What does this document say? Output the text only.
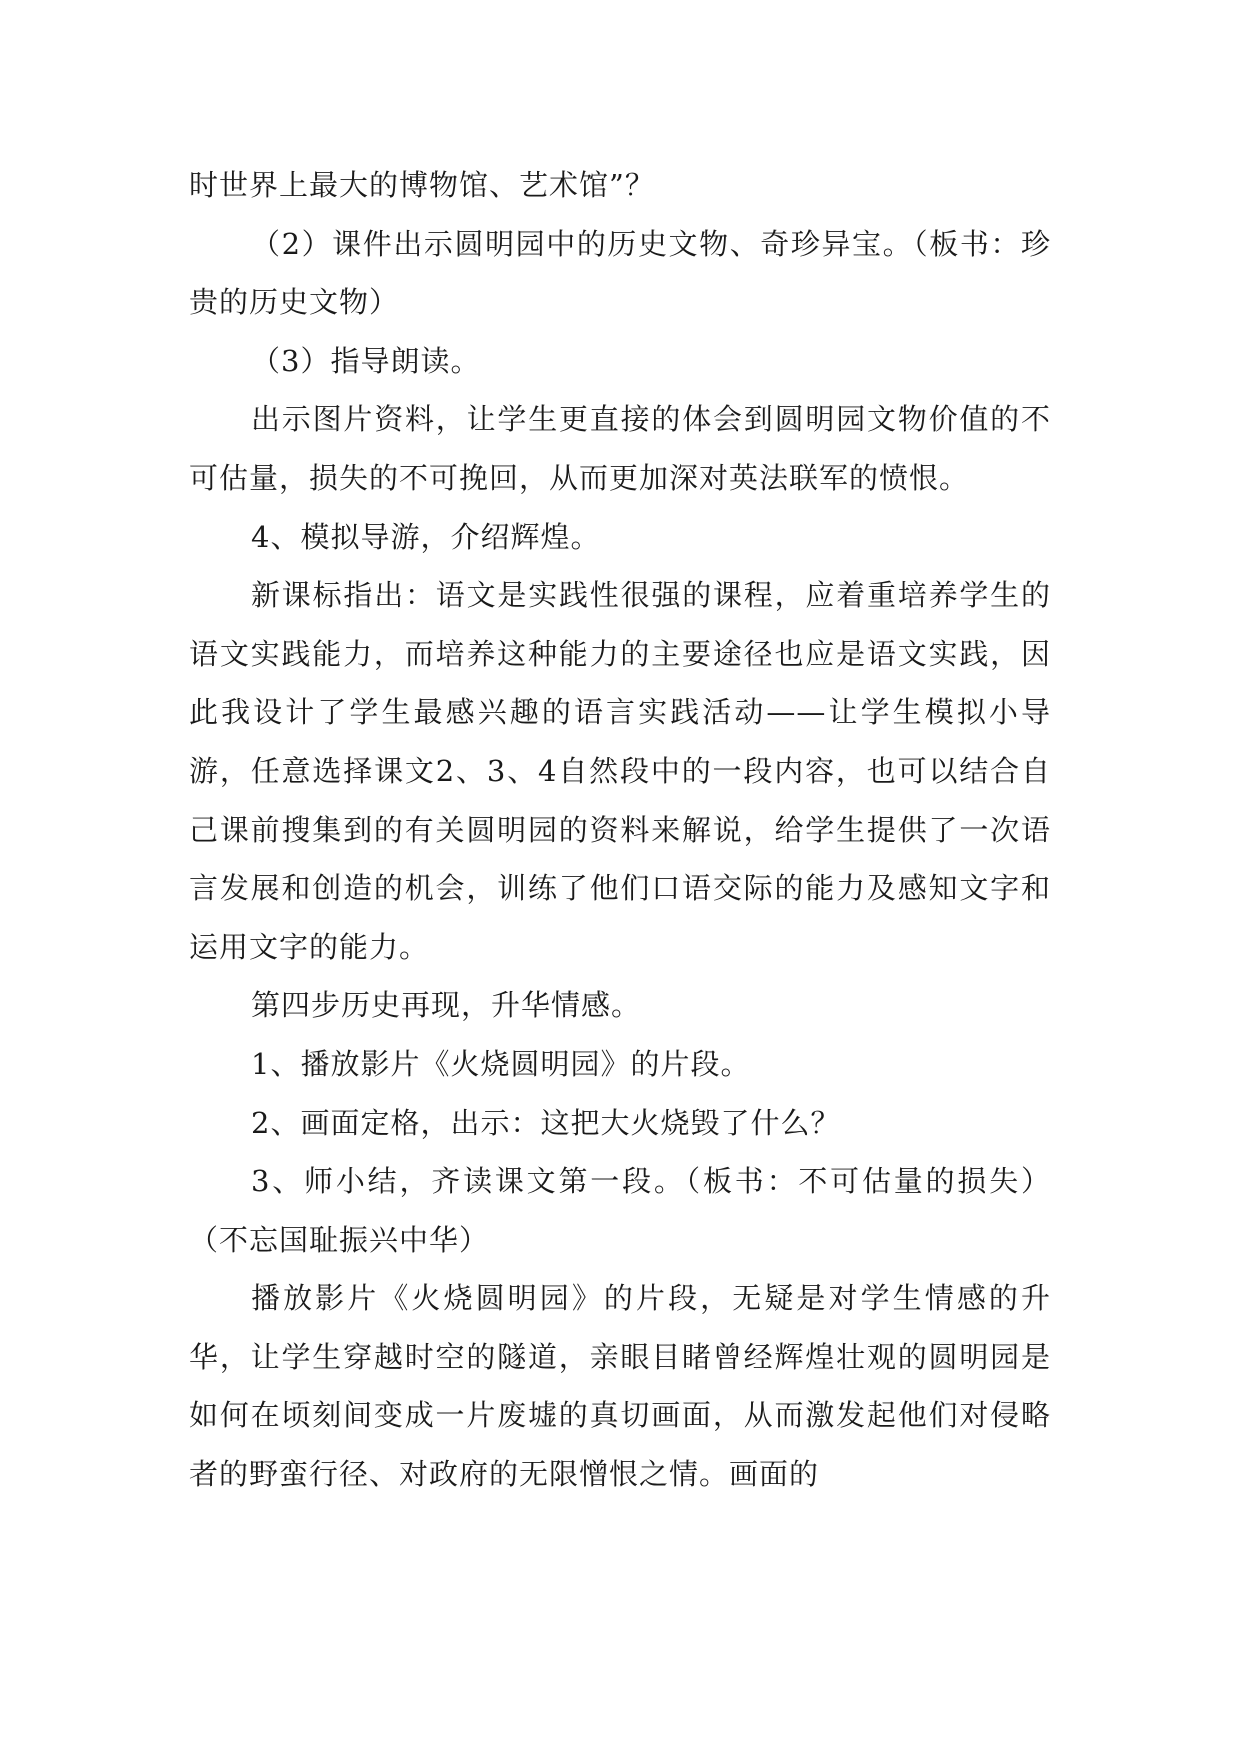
时世界上最大的博物馆、艺术馆”？

（2）课件出示圆明园中的历史文物、奇珍异宝。（板书：珍贵的历史文物）

（3）指导朗读。

出示图片资料，让学生更直接的体会到圆明园文物价值的不可估量，损失的不可挽回，从而更加深对英法联军的愤恨。

4、模拟导游，介绍辉煌。

新课标指出：语文是实践性很强的课程，应着重培养学生的语文实践能力，而培养这种能力的主要途径也应是语文实践，因此我设计了学生最感兴趣的语言实践活动——让学生模拟小导游，任意选择课文2、3、4自然段中的一段内容，也可以结合自己课前搜集到的有关圆明园的资料来解说，给学生提供了一次语言发展和创造的机会，训练了他们口语交际的能力及感知文字和运用文字的能力。

第四步历史再现，升华情感。

1、播放影片《火烧圆明园》的片段。

2、画面定格，出示：这把大火烧毁了什么？

3、师小结，齐读课文第一段。（板书：不可估量的损失）（不忘国耻振兴中华）

播放影片《火烧圆明园》的片段，无疑是对学生情感的升华，让学生穿越时空的隧道，亲眼目睹曾经辉煌壮观的圆明园是如何在顷刻间变成一片废墟的真切画面，从而激发起他们对侵略者的野蛮行径、对政府的无限憎恨之情。画面的
